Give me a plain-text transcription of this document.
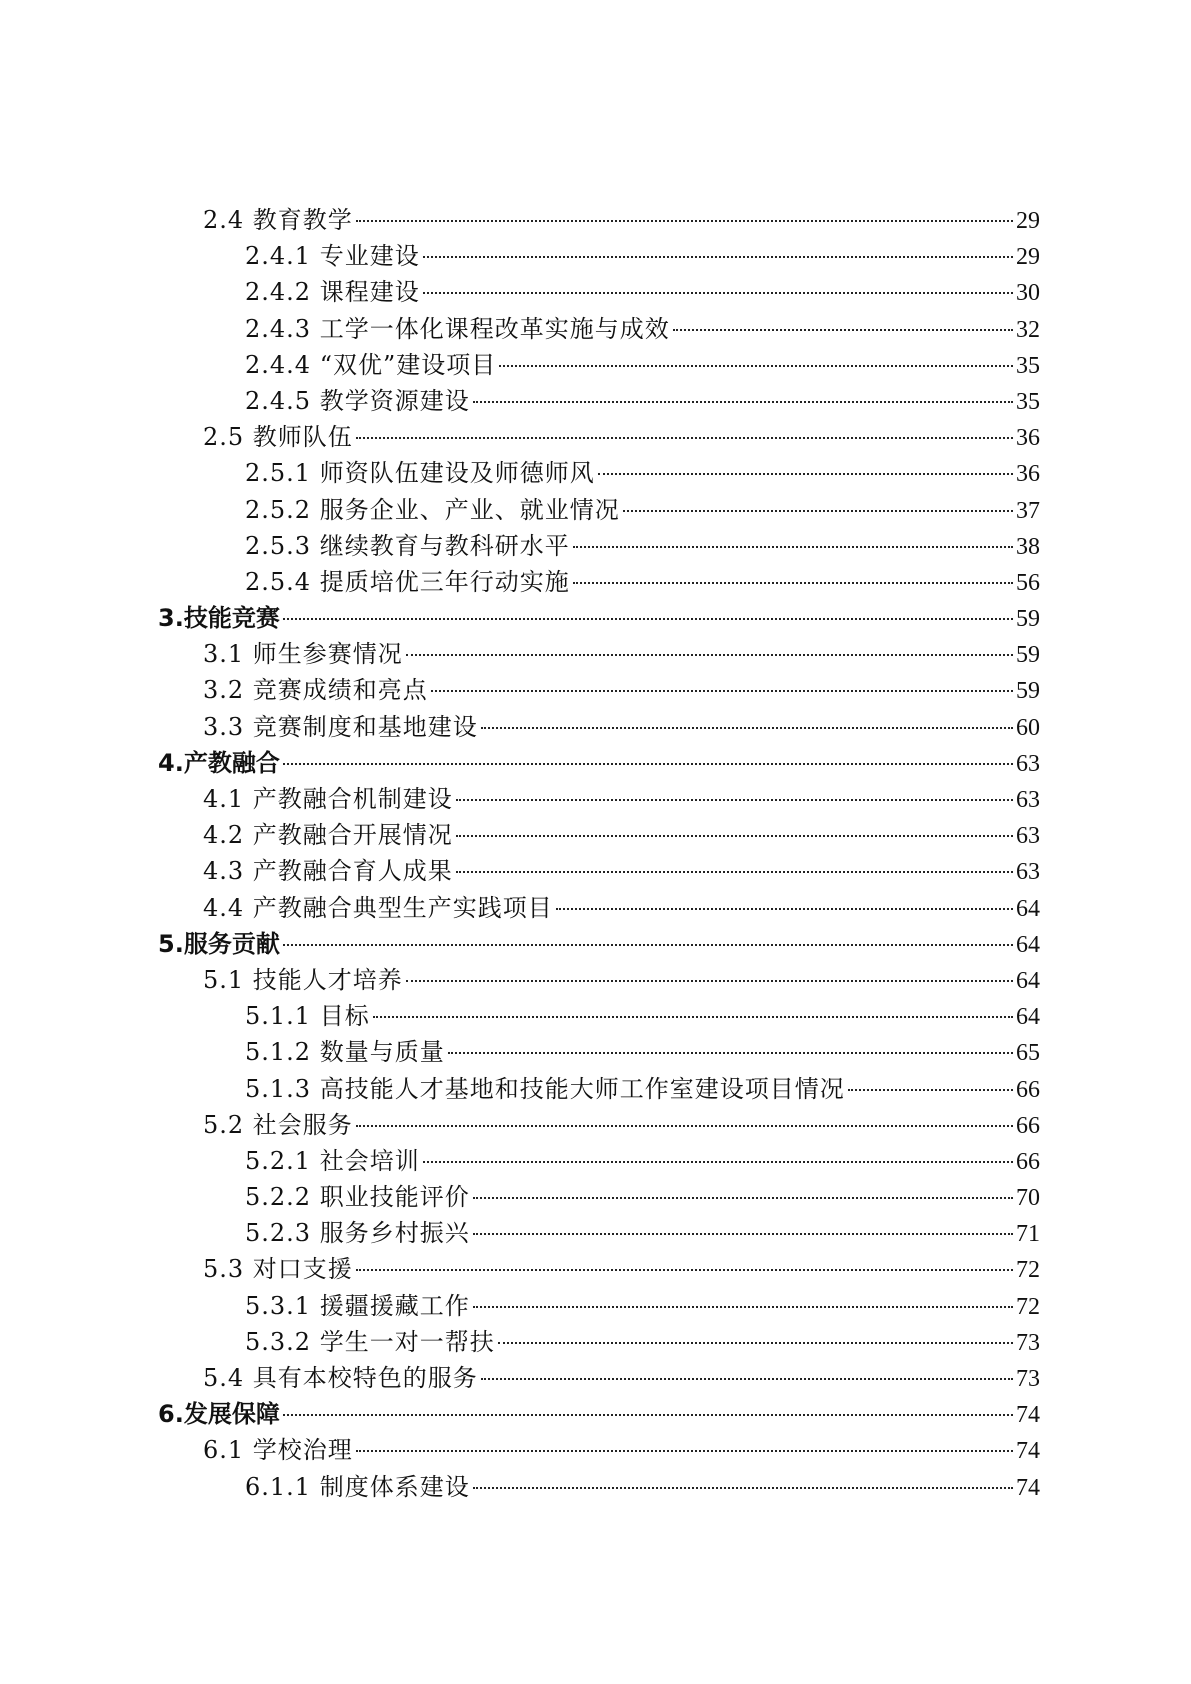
2.4 教育教学	29
2.4.1 专业建设	29
2.4.2 课程建设	30
2.4.3 工学一体化课程改革实施与成效	32
2.4.4 “双优”建设项目	35
2.4.5 教学资源建设	35
2.5 教师队伍	36
2.5.1 师资队伍建设及师德师风	36
2.5.2 服务企业、产业、就业情况	37
2.5.3 继续教育与教科研水平	38
2.5.4 提质培优三年行动实施	56
3.技能竞赛	59
3.1 师生参赛情况	59
3.2 竞赛成绩和亮点	59
3.3 竞赛制度和基地建设	60
4.产教融合	63
4.1 产教融合机制建设	63
4.2 产教融合开展情况	63
4.3 产教融合育人成果	63
4.4 产教融合典型生产实践项目	64
5.服务贡献	64
5.1 技能人才培养	64
5.1.1 目标	64
5.1.2 数量与质量	65
5.1.3 高技能人才基地和技能大师工作室建设项目情况	66
5.2 社会服务	66
5.2.1 社会培训	66
5.2.2 职业技能评价	70
5.2.3 服务乡村振兴	71
5.3 对口支援	72
5.3.1 援疆援藏工作	72
5.3.2 学生一对一帮扶	73
5.4 具有本校特色的服务	73
6.发展保障	74
6.1 学校治理	74
6.1.1 制度体系建设	74
